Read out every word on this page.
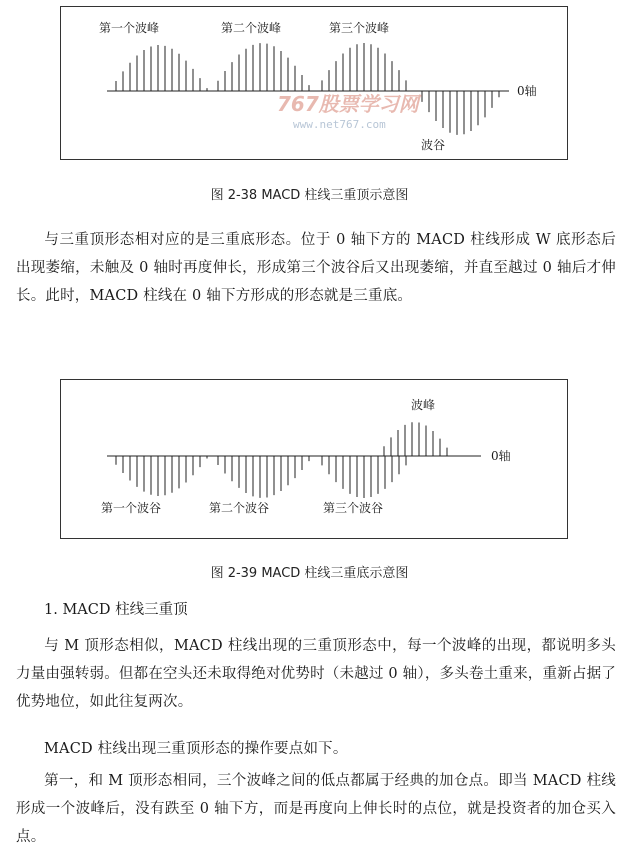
第一个波峰	第二个波峰	第三个波峰
0轴
波谷
767股票学习网
www.net767.com
图 2-38 MACD 柱线三重顶示意图

与三重顶形态相对应的是三重底形态。位于 0 轴下方的 MACD 柱线形成 W 底形态后出现萎缩，未触及 0 轴时再度伸长，形成第三个波谷后又出现萎缩，并直至越过 0 轴后才伸长。此时，MACD 柱线在 0 轴下方形成的形态就是三重底。

第一个波谷	第二个波谷	第三个波谷
0轴
波峰
图 2-39 MACD 柱线三重底示意图
1. MACD 柱线三重顶

与 M 顶形态相似，MACD 柱线出现的三重顶形态中，每一个波峰的出现，都说明多头力量由强转弱。但都在空头还未取得绝对优势时（未越过 0 轴），多头卷土重来，重新占据了优势地位，如此往复两次。

MACD 柱线出现三重顶形态的操作要点如下。

第一，和 M 顶形态相同，三个波峰之间的低点都属于经典的加仓点。即当 MACD 柱线形成一个波峰后，没有跌至 0 轴下方，而是再度向上伸长时的点位，就是投资者的加仓买入点。
